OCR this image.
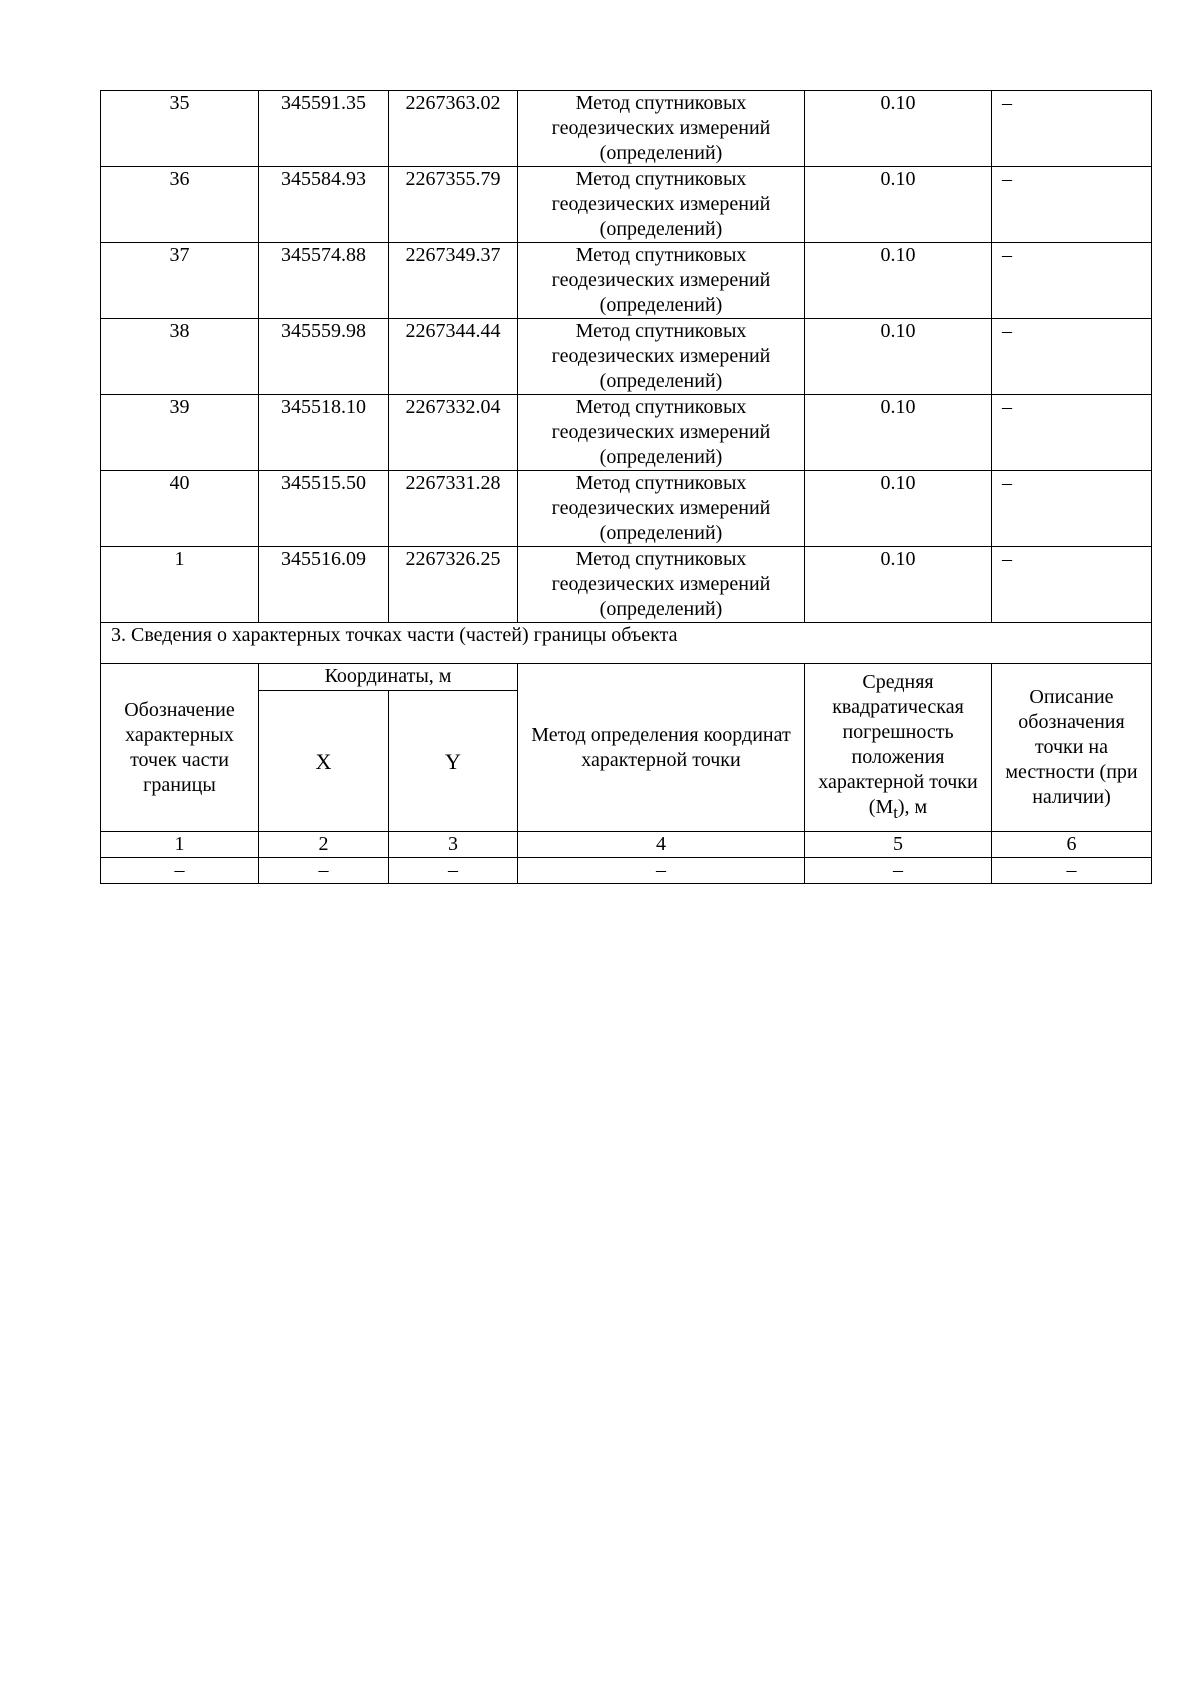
35	345591.35	2267363.02	Метод спутниковых геодезических измерений (определений)	0.10	–
36	345584.93	2267355.79	Метод спутниковых геодезических измерений (определений)	0.10	–
37	345574.88	2267349.37	Метод спутниковых геодезических измерений (определений)	0.10	–
38	345559.98	2267344.44	Метод спутниковых геодезических измерений (определений)	0.10	–
39	345518.10	2267332.04	Метод спутниковых геодезических измерений (определений)	0.10	–
40	345515.50	2267331.28	Метод спутниковых геодезических измерений (определений)	0.10	–
1	345516.09	2267326.25	Метод спутниковых геодезических измерений (определений)	0.10	–
3. Сведения о характерных точках части (частей) границы объекта					
Обозначение характерных точек части границы	Координаты, м		Метод определения координат характерной точки	Средняя квадратическая погрешность положения характерной точки $(M_t)$, м	Описание обозначения точки на местности (при наличии)
	X	Y			
1	2	3	4	5	6
–	–	–	–	–	–
